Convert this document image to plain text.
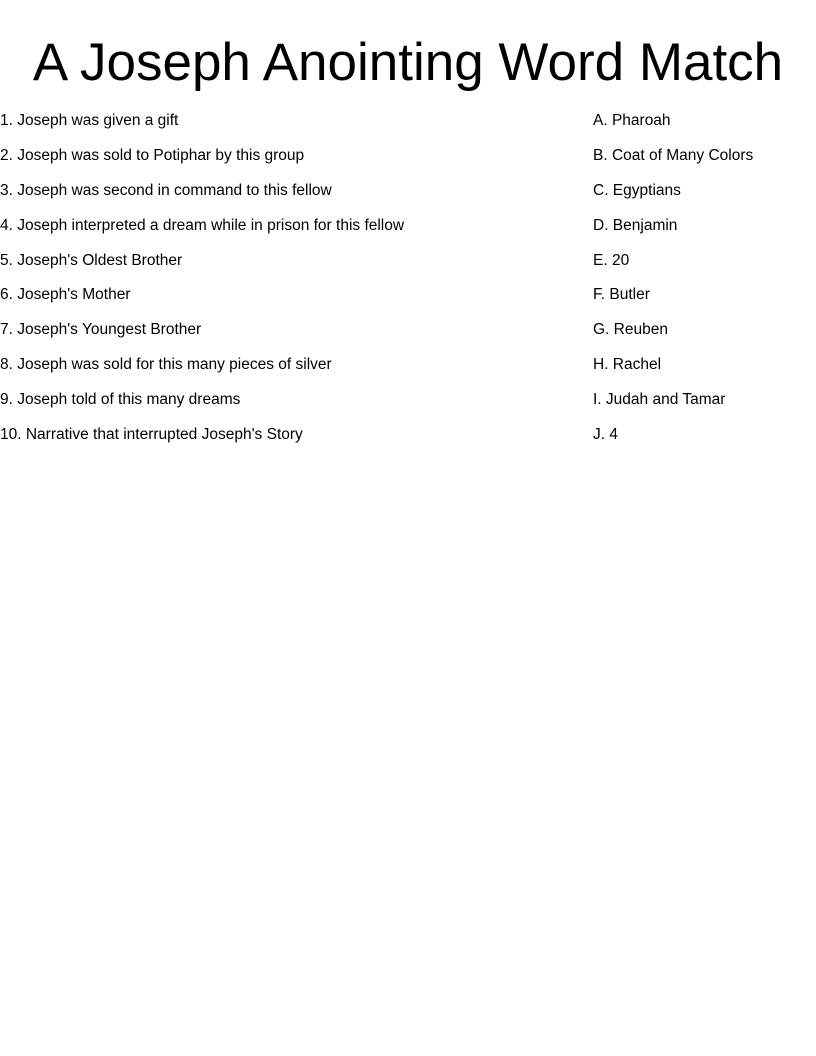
A Joseph Anointing Word Match
1. Joseph was given a gift
2. Joseph was sold to Potiphar by this group
3. Joseph was second in command to this fellow
4. Joseph interpreted a dream while in prison for this fellow
5. Joseph's Oldest Brother
6. Joseph's Mother
7. Joseph's Youngest Brother
8. Joseph was sold for this many pieces of silver
9. Joseph told of this many dreams
10. Narrative that interrupted Joseph's Story
A. Pharoah
B. Coat of Many Colors
C. Egyptians
D. Benjamin
E. 20
F. Butler
G. Reuben
H. Rachel
I. Judah and Tamar
J. 4
